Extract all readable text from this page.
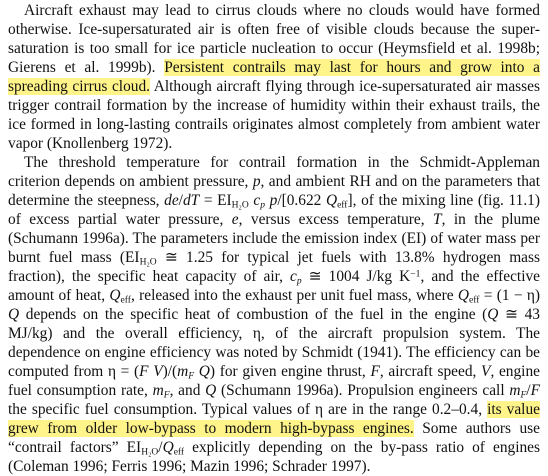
Aircraft exhaust may lead to cirrus clouds where no clouds would have formed otherwise. Ice-supersaturated air is often free of visible clouds because the supersaturation is too small for ice particle nucleation to occur (Heymsfield et al. 1998b; Gierens et al. 1999b). Persistent contrails may last for hours and grow into a spreading cirrus cloud. Although aircraft flying through ice-supersaturated air masses trigger contrail formation by the increase of humidity within their exhaust trails, the ice formed in long-lasting contrails originates almost completely from ambient water vapor (Knollenberg 1972).

The threshold temperature for contrail formation in the Schmidt-Appleman criterion depends on ambient pressure, p, and ambient RH and on the parameters that determine the steepness, $de/dT = EI_{H_2O}$ $c_p$ p/[0.622 $Q_{eff}$], of the mixing line (fig. 11.1) of excess partial water pressure, e, versus excess temperature, T, in the plume (Schumann 1996a). The parameters include the emission index (EI) of water mass per burnt fuel mass ($EI_{H_2O}$ ≅ 1.25 for typical jet fuels with 13.8% hydrogen mass fraction), the specific heat capacity of air, $c_p$ ≅ 1004 J/kg $K^{-1}$, and the effective amount of heat, $Q_{eff}$, released into the exhaust per unit fuel mass, where $Q_{eff} = (1 - \eta)$ Q depends on the specific heat of combustion of the fuel in the engine (Q ≅ 43 MJ/kg) and the overall efficiency, η, of the aircraft propulsion system. The dependence on engine efficiency was noted by Schmidt (1941). The efficiency can be computed from η = (F $V)/(m_F$ Q) for given engine thrust, F, aircraft speed, V, engine fuel consumption rate, $m_F$, and Q (Schumann 1996a). Propulsion engineers call $m_F/F$ the specific fuel consumption. Typical values of η are in the range 0.2–0.4, its value grew from older low-bypass to modern high-bypass engines. Some authors use “contrail factors” $EI_{H_2O}/Q_{eff}$ explicitly depending on the by-pass ratio of engines (Coleman 1996; Ferris 1996; Mazin 1996; Schrader 1997).
